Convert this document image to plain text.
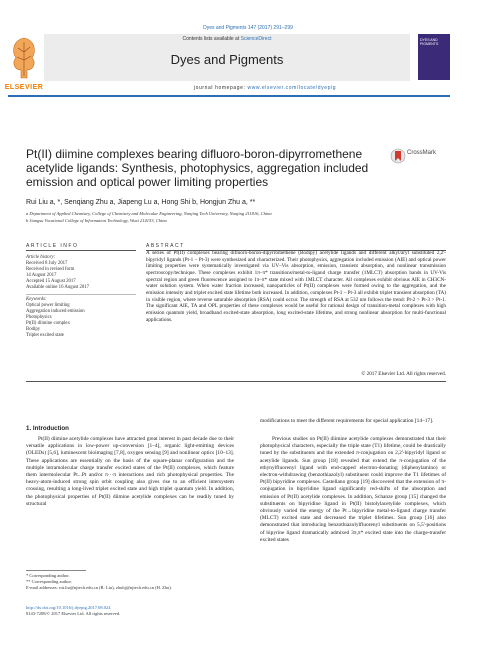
Dyes and Pigments 147 (2017) 291–299
ELSEVIER
Contents lists available at ScienceDirect
Dyes and Pigments
DYES AND PIGMENTS
journal homepage: www.elsevier.com/locate/dyepig
Pt(II) diimine complexes bearing difluoro-boron-dipyrromethene acetylide ligands: Synthesis, photophysics, aggregation included emission and optical power limiting properties
CrossMark
Rui Liu a, *, Senqiang Zhu a, Jiapeng Lu a, Hong Shi b, Hongjun Zhu a, **
a Department of Applied Chemistry, College of Chemistry and Molecular Engineering, Nanjing Tech University, Nanjing 211816, China
b Jiangsu Vocational College of Information Technology, Wuxi 214153, China
ARTICLE INFO
Article history:
Received 8 July 2017
Received in revised form
14 August 2017
Accepted 15 August 2017
Available online 16 August 2017
Keywords:
Optical power limiting
Aggregation induced emission
Photophysics
Pt(II) diimine complex
Bodipy
Triplet excited state
ABSTRACT
A series of Pt(II) complexes bearing difluoro-boron-dipyrromethene (Bodipy) acetylide ligands and different alkyl/aryl substituted 2,2'-bipyridyl ligands (Pt-1 – Pt-3) were synthesized and characterized. Their photophysics, aggregation included emission (AIE) and optical power limiting properties were systematically investigated via UV–Vis absorption, emission, transient absorption, and nonlinear transmission spectroscopy/technique. These complexes exhibit 1π–π* transitions/metal-to-ligand charge transfer (1MLCT) absorption bands in UV-Vis spectral region and green fluorescence assigned to 1π–π* state mixed with 1MLCT character. All complexes exhibit obvious AIE in CH3CN-water solution system. When water fraction increased, nanoparticles of Pt(II) complexes were formed owing to the aggregation, and the emission intensity and triplet excited state lifetime both increased. In addition, complexes Pt-1 – Pt-3 all exhibit triplet transient absorption (TA) in visible region, where reverse saturable absorption (RSA) could occur. The strength of RSA at 532 nm follows the trend: Pt-2 > Pt-3 > Pt-1. The significant AIE, TA and OPL properties of these complexes would be useful for rational design of transition-metal complexes with high emission quantum yield, broadband excited-state absorption, long excited-state lifetime, and strong nonlinear absorption for multi-functional applications.
© 2017 Elsevier Ltd. All rights reserved.
1. Introduction
Pt(II) diimine acetylide complexes have attracted great interest in past decade due to their versatile applications in low-power up-conversion [1–4], organic light-emitting devices (OLEDs) [5,6], luminescent bioimaging [7,8], oxygen sensing [9] and nonlinear optics [10–13]. These applications are essentially on the basis of the square-planar configuration and the multiple intramolecular charge transfer excited states of the Pt(II) complexes, which feature them intermolecular Pt...Pt and/or π···π interactions and rich photophysical properties. The heavy-atom-induced strong spin orbit coupling also gives rise to an efficient intersystem crossing, resulting a long-lived triplet excited state and high triplet quantum yield. In addition, the photophysical properties of Pt(II) diimine acetylide complexes can be readily tuned by structural
modifications to meet the different requirements for special application [14–17].
Previous studies on Pt(II) diimine acetylide complexes demonstrated that their photophysical characters, especially the triple state (T1) lifetime, could be drastically tuned by the substituents and the extended π-conjugation on 2,2'-bipyridyl ligand or acetylide ligands. Sun group [18] revealed that extend the π-conjugation of the ethynylfluorenyl ligand with end-capped electron-donating (diphenylamino) or electron-withdrawing (benzothiazolyl) substituent could improve the T1 lifetimes of Pt(II) bipyridine complexes. Castellano group [19] discovered that the extension of π-conjugation in bipyridine ligand significantly red-shifts of the absorption and emission of Pt(II) acetylide complexes. In addition, Schanze group [15] changed the substituents on bipyridine ligand in Pt(II) bistolylacetylide complexes, which obviously varied the energy of the Pt→bipyridine metal-to-ligand charge transfer (MLCT) excited state and decreased the triplet lifetimes. Sun group [16] also demonstrated that introducing benzothiazolylfluorenyl substituents on 5,5'-positions of bipyrine ligand dramatically admixed 3π,π* excited state into the charge-transfer excited states
* Corresponding author.
** Corresponding author.
E-mail addresses: rui.liu@njtech.edu.cn (R. Liu), zhuhj@njtech.edu.cn (H. Zhu).
http://dx.doi.org/10.1016/j.dyepig.2017.08.024
0143-7208/© 2017 Elsevier Ltd. All rights reserved.
